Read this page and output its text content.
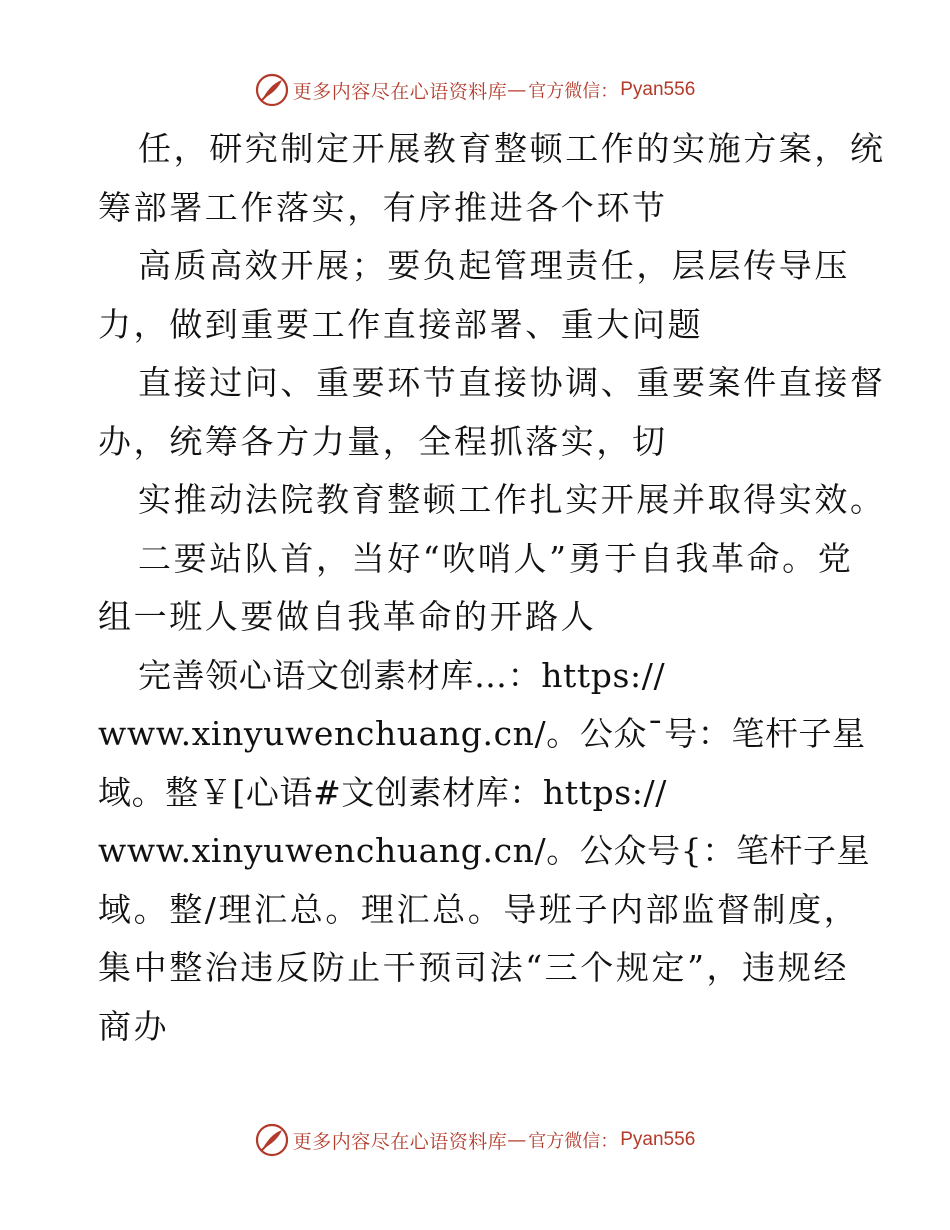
更多内容尽在心语资料库 — 官方微信： Pyan556
任，研究制定开展教育整顿工作的实施方案，统
筹部署工作落实，有序推进各个环节
高质高效开展；要负起管理责任，层层传导压
力，做到重要工作直接部署、重大问题
直接过问、重要环节直接协调、重要案件直接督
办，统筹各方力量，全程抓落实，切
实推动法院教育整顿工作扎实开展并取得实效。
二要站队首，当好“吹哨人”勇于自我革命。党
组一班人要做自我革命的开路人
完善领心语文创素材库…：https://
www.xinyuwenchuang.cn/。公众¯号：笔杆子星
域。整￥[心语#文创素材库：https://
www.xinyuwenchuang.cn/。公众号{：笔杆子星
域。整/理汇总。理汇总。导班子内部监督制度，
集中整治违反防止干预司法“三个规定”，违规经
商办
更多内容尽在心语资料库 — 官方微信： Pyan556
